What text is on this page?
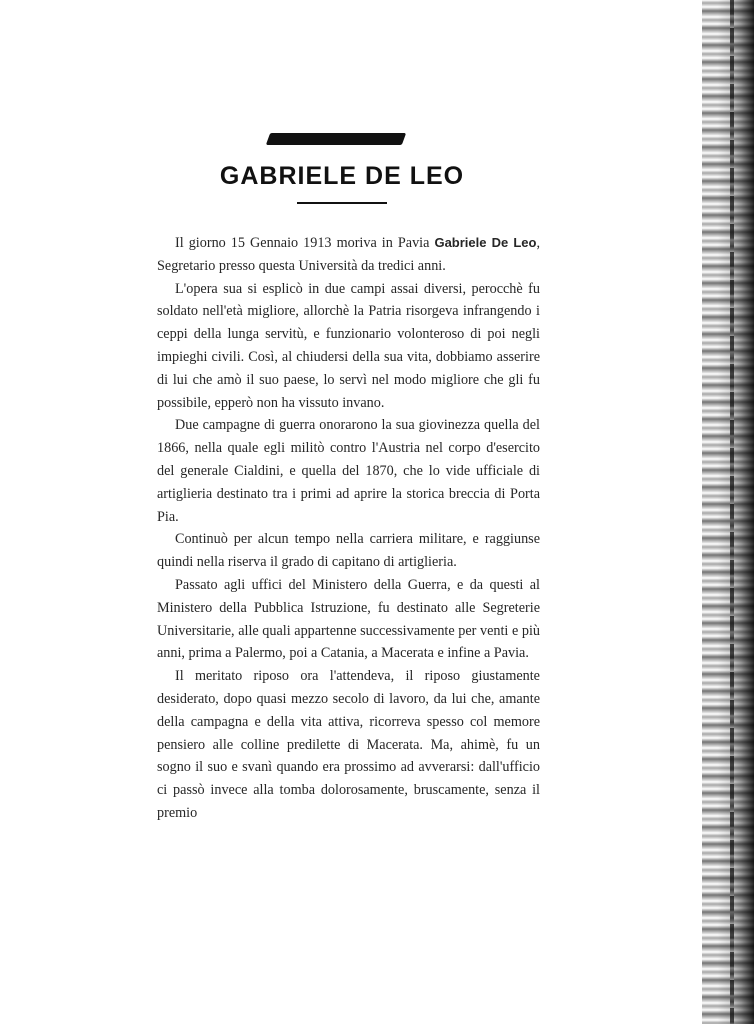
GABRIELE DE LEO

Il giorno 15 Gennaio 1913 moriva in Pavia Gabriele De Leo, Segretario presso questa Università da tredici anni.

L'opera sua si esplicò in due campi assai diversi, perocchè fu soldato nell'età migliore, allorchè la Patria risorgeva infrangendo i ceppi della lunga servitù, e funzionario volonteroso di poi negli impieghi civili. Così, al chiudersi della sua vita, dobbiamo asserire di lui che amò il suo paese, lo servì nel modo migliore che gli fu possibile, epperò non ha vissuto invano.

Due campagne di guerra onorarono la sua giovinezza quella del 1866, nella quale egli militò contro l'Austria nel corpo d'esercito del generale Cialdini, e quella del 1870, che lo vide ufficiale di artiglieria destinato tra i primi ad aprire la storica breccia di Porta Pia.

Continuò per alcun tempo nella carriera militare, e raggiunse quindi nella riserva il grado di capitano di artiglieria.

Passato agli uffici del Ministero della Guerra, e da questi al Ministero della Pubblica Istruzione, fu destinato alle Segreterie Universitarie, alle quali appartenne successivamente per venti e più anni, prima a Palermo, poi a Catania, a Macerata e infine a Pavia.

Il meritato riposo ora l'attendeva, il riposo giustamente desiderato, dopo quasi mezzo secolo di lavoro, da lui che, amante della campagna e della vita attiva, ricorreva spesso col memore pensiero alle colline predilette di Macerata. Ma, ahimè, fu un sogno il suo e svanì quando era prossimo ad avverarsi: dall'ufficio ci passò invece alla tomba dolorosamente, bruscamente, senza il premio
